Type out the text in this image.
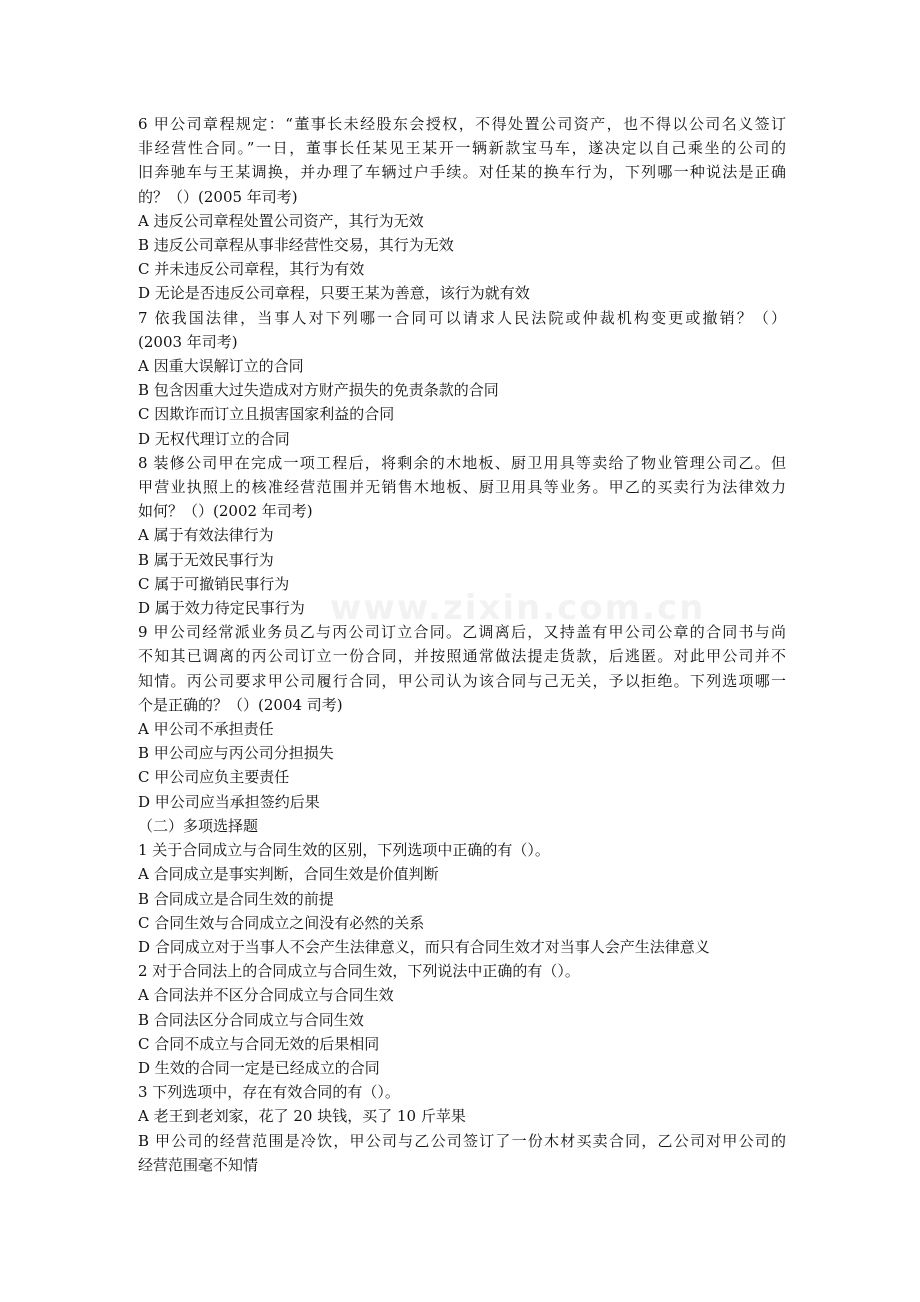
www.zixin.com.cn
6 甲公司章程规定：“董事长未经股东会授权，不得处置公司资产，也不得以公司名义签订
非经营性合同。”一日，董事长任某见王某开一辆新款宝马车，遂决定以自己乘坐的公司的
旧奔驰车与王某调换，并办理了车辆过户手续。对任某的换车行为，下列哪一种说法是正确
的？（）(2005 年司考)
A 违反公司章程处置公司资产，其行为无效
B 违反公司章程从事非经营性交易，其行为无效
C 并未违反公司章程，其行为有效
D 无论是否违反公司章程，只要王某为善意，该行为就有效
7 依我国法律，当事人对下列哪一合同可以请求人民法院或仲裁机构变更或撤销？（）
(2003 年司考)
A 因重大误解订立的合同
B 包含因重大过失造成对方财产损失的免责条款的合同
C 因欺诈而订立且损害国家利益的合同
D 无权代理订立的合同
8 装修公司甲在完成一项工程后，将剩余的木地板、厨卫用具等卖给了物业管理公司乙。但
甲营业执照上的核准经营范围并无销售木地板、厨卫用具等业务。甲乙的买卖行为法律效力
如何？（）(2002 年司考)
A 属于有效法律行为
B 属于无效民事行为
C 属于可撤销民事行为
D 属于效力待定民事行为
9 甲公司经常派业务员乙与丙公司订立合同。乙调离后，又持盖有甲公司公章的合同书与尚
不知其已调离的丙公司订立一份合同，并按照通常做法提走货款，后逃匿。对此甲公司并不
知情。丙公司要求甲公司履行合同，甲公司认为该合同与己无关，予以拒绝。下列选项哪一
个是正确的？（）(2004 司考)
A 甲公司不承担责任
B 甲公司应与丙公司分担损失
C 甲公司应负主要责任
D 甲公司应当承担签约后果
（二）多项选择题
1 关于合同成立与合同生效的区别，下列选项中正确的有（）。
A 合同成立是事实判断，合同生效是价值判断
B 合同成立是合同生效的前提
C 合同生效与合同成立之间没有必然的关系
D 合同成立对于当事人不会产生法律意义，而只有合同生效才对当事人会产生法律意义
2 对于合同法上的合同成立与合同生效，下列说法中正确的有（）。
A 合同法并不区分合同成立与合同生效
B 合同法区分合同成立与合同生效
C 合同不成立与合同无效的后果相同
D 生效的合同一定是已经成立的合同
3 下列选项中，存在有效合同的有（）。
A 老王到老刘家，花了 20 块钱，买了 10 斤苹果
B 甲公司的经营范围是冷饮，甲公司与乙公司签订了一份木材买卖合同，乙公司对甲公司的
经营范围毫不知情
